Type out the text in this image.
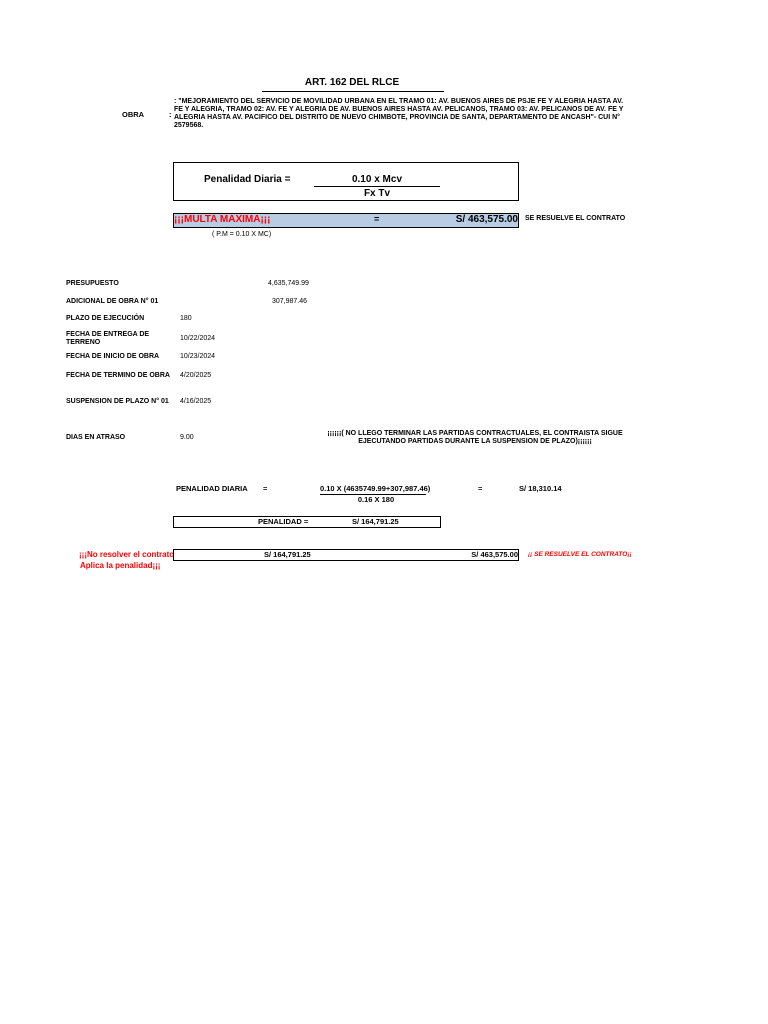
ART. 162 DEL RLCE
OBRA	:
: "MEJORAMIENTO DEL SERVICIO DE MOVILIDAD URBANA EN EL TRAMO 01: AV. BUENOS AIRES DE PSJE FE Y ALEGRIA HASTA AV. FE Y ALEGRIA, TRAMO 02: AV. FE Y ALEGRIA DE AV. BUENOS AIRES HASTA AV. PELICANOS, TRAMO 03: AV. PELICANOS DE AV. FE Y ALEGRIA HASTA AV. PACIFICO DEL DISTRITO DE NUEVO CHIMBOTE, PROVINCIA DE SANTA, DEPARTAMENTO DE ANCASH"- CUI N° 2579568.
Penalidad Diaria =	0.10 x Mcv
Fx Tv
¡¡¡MULTA MAXIMA¡¡¡	=	S/ 463,575.00 SE RESUELVE EL CONTRATO
( P.M = 0.10 X MC)
PRESUPUESTO	4,635,749.99
ADICIONAL DE OBRA N° 01	307,987.46
PLAZO DE EJECUCIÓN	180
FECHA DE ENTREGA DE TERRENO
10/22/2024
FECHA DE INICIO DE OBRA	10/23/2024
FECHA DE TERMINO DE OBRA 4/20/2025
SUSPENSION DE PLAZO N° 01 4/16/2025
DIAS EN ATRASO	9.00
¡¡¡¡¡¡( NO LLEGO TERMINAR LAS PARTIDAS CONTRACTUALES, EL CONTRAISTA SIGUE EJECUTANDO PARTIDAS DURANTE LA SUSPENSION DE PLAZO)¡¡¡¡¡¡
PENALIDAD DIARIA =	0.10 X (4635749.99+307,987.46)
0.16 X 180
=	S/ 18,310.14
PENALIDAD =	S/ 164,791.25
¡¡¡No resolver el contrato
Aplica la penalidad¡¡¡
S/ 164,791.25	S/ 463,575.00 ¡¡ SE RESUELVE EL CONTRATO¡¡
